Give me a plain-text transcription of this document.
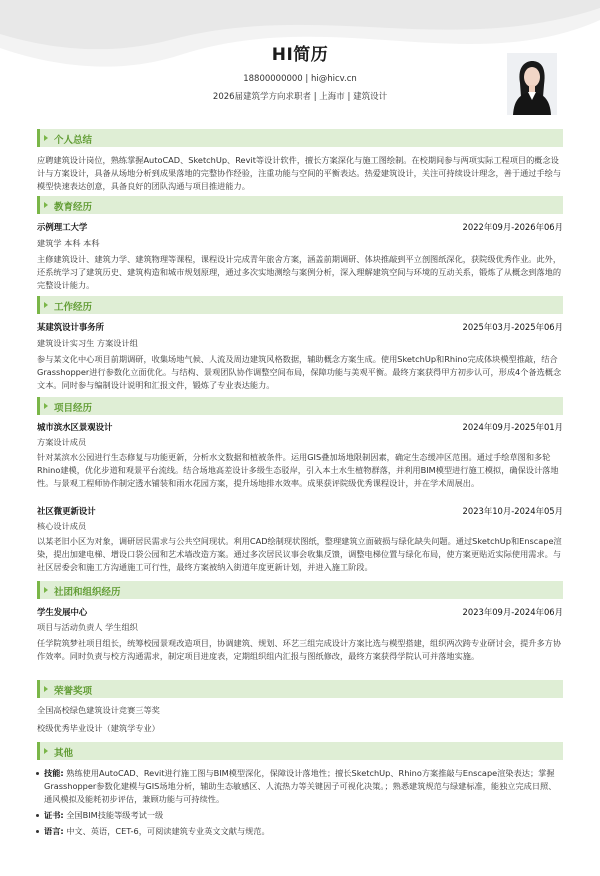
HI简历
18800000000 | hi@hicv.cn
2026届建筑学方向求职者 | 上海市 | 建筑设计
个人总结
应聘建筑设计岗位，熟练掌握AutoCAD、SketchUp、Revit等设计软件，擅长方案深化与施工图绘制。在校期间参与两项实际工程项目的概念设计与方案设计，具备从场地分析到成果落地的完整协作经验，注重功能与空间的平衡表达。热爱建筑设计，关注可持续设计理念，善于通过手绘与模型快速表达创意，具备良好的团队沟通与项目推进能力。
教育经历
示例理工大学	2022年09月-2026年06月
建筑学 本科 本科
主修建筑设计、建筑力学、建筑物理等课程，课程设计完成青年旅舍方案，涵盖前期调研、体块推敲到平立剖图纸深化，获院级优秀作业。此外，还系统学习了建筑历史、建筑构造和城市规划原理，通过多次实地测绘与案例分析，深入理解建筑空间与环境的互动关系，锻炼了从概念到落地的完整设计能力。
工作经历
某建筑设计事务所	2025年03月-2025年06月
建筑设计实习生 方案设计组
参与某文化中心项目前期调研，收集场地气候、人流及周边建筑风格数据，辅助概念方案生成。使用SketchUp和Rhino完成体块模型推敲，结合Grasshopper进行参数化立面优化。与结构、景观团队协作调整空间布局，保障功能与美观平衡。最终方案获得甲方初步认可，形成4个备选概念文本。同时参与编制设计说明和汇报文件，锻炼了专业表达能力。
项目经历
城市滨水区景观设计	2024年09月-2025年01月
方案设计成员
针对某滨水公园进行生态修复与功能更新，分析水文数据和植被条件。运用GIS叠加场地限制因素，确定生态缓冲区范围。通过手绘草图和多轮Rhino建模，优化步道和观景平台流线。结合场地高差设计多级生态驳岸，引入本土水生植物群落，并利用BIM模型进行施工模拟，确保设计落地性。与景观工程师协作制定透水铺装和雨水花园方案，提升场地排水效率。成果获评院级优秀课程设计，并在学术周展出。
社区微更新设计	2023年10月-2024年05月
核心设计成员
以某老旧小区为对象，调研居民需求与公共空间现状。利用CAD绘制现状图纸，整理建筑立面破损与绿化缺失问题。通过SketchUp和Enscape渲染，提出加建电梯、增设口袋公园和艺术墙改造方案。通过多次居民议事会收集反馈，调整电梯位置与绿化布局，使方案更贴近实际使用需求。与社区居委会和施工方沟通施工可行性，最终方案被纳入街道年度更新计划，并进入施工阶段。
社团和组织经历
学生发展中心	2023年09月-2024年06月
项目与活动负责人 学生组织
任学院筑梦社项目组长，统筹校园景观改造项目，协调建筑、规划、环艺三组完成设计方案比选与模型搭建，组织两次跨专业研讨会，提升多方协作效率。同时负责与校方沟通需求，制定项目进度表，定期组织组内汇报与图纸修改，最终方案获得学院认可并落地实施。
荣誉奖项
全国高校绿色建筑设计竞赛三等奖
校级优秀毕业设计（建筑学专业）
其他
技能: 熟练使用AutoCAD、Revit进行施工图与BIM模型深化，保障设计落地性；擅长SketchUp、Rhino方案推敲与Enscape渲染表达；掌握Grasshopper参数化建模与GIS场地分析，辅助生态敏感区、人流热力等关键因子可视化决策。；熟悉建筑规范与绿建标准，能独立完成日照、通风模拟及能耗初步评估，兼顾功能与可持续性。
证书: 全国BIM技能等级考试一级
语言: 中文、英语，CET-6，可阅读建筑专业英文文献与规范。
